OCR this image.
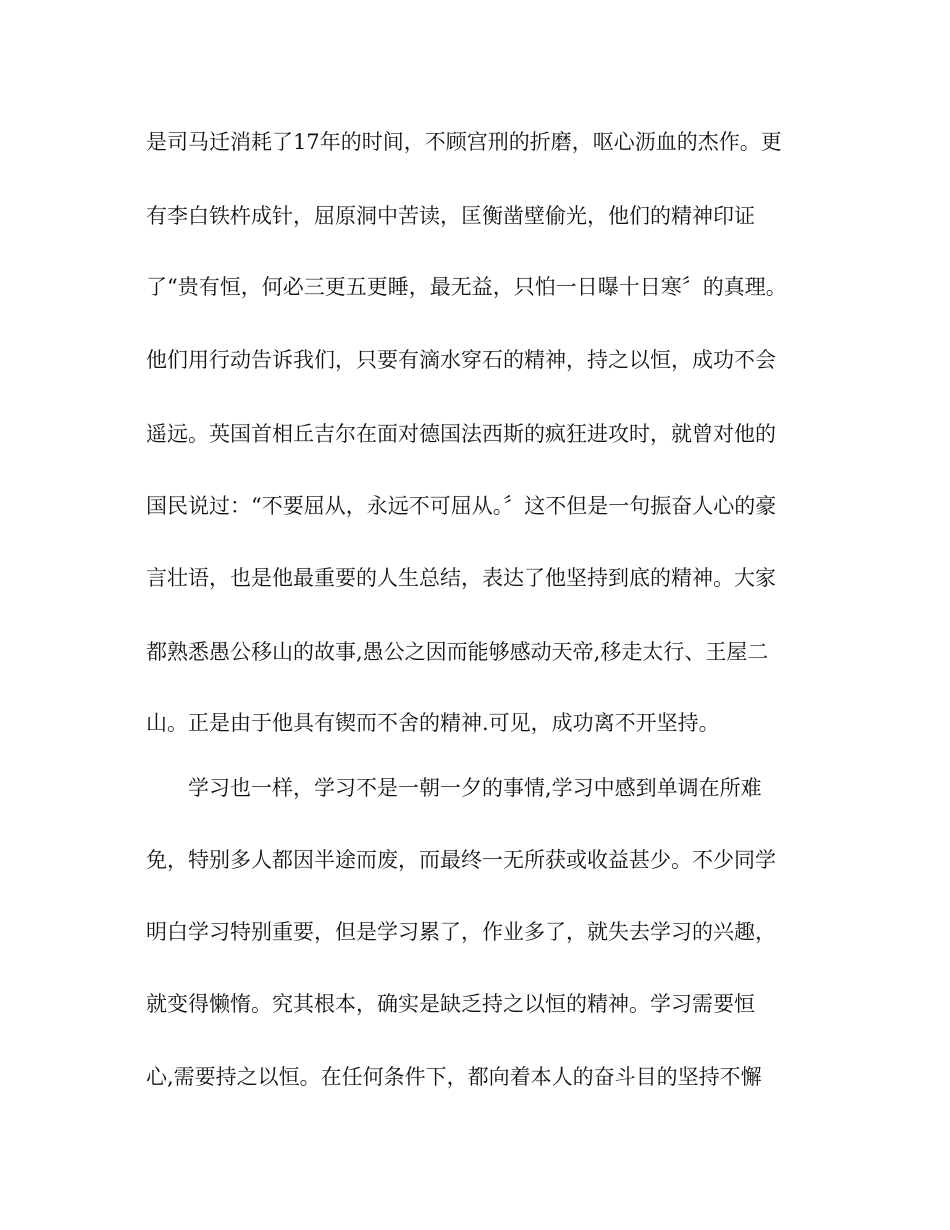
是司马迁消耗了17年的时间，不顾宫刑的折磨，呕心沥血的杰作。更
有李白铁杵成针，屈原洞中苦读，匡衡凿壁偷光，他们的精神印证
了“贵有恒，何必三更五更睡，最无益，只怕一日曝十日寒〞的真理。
他们用行动告诉我们，只要有滴水穿石的精神，持之以恒，成功不会
遥远。英国首相丘吉尔在面对德国法西斯的疯狂进攻时，就曾对他的
国民说过：“不要屈从，永远不可屈从。〞这不但是一句振奋人心的豪
言壮语，也是他最重要的人生总结，表达了他坚持到底的精神。大家
都熟悉愚公移山的故事,愚公之因而能够感动天帝,移走太行、王屋二
山。正是由于他具有锲而不舍的精神.可见，成功离不开坚持。
学习也一样，学习不是一朝一夕的事情,学习中感到单调在所难
免，特别多人都因半途而废，而最终一无所获或收益甚少。不少同学
明白学习特别重要，但是学习累了，作业多了，就失去学习的兴趣，
就变得懒惰。究其根本，确实是缺乏持之以恒的精神。学习需要恒
心,需要持之以恒。在任何条件下，都向着本人的奋斗目的坚持不懈
